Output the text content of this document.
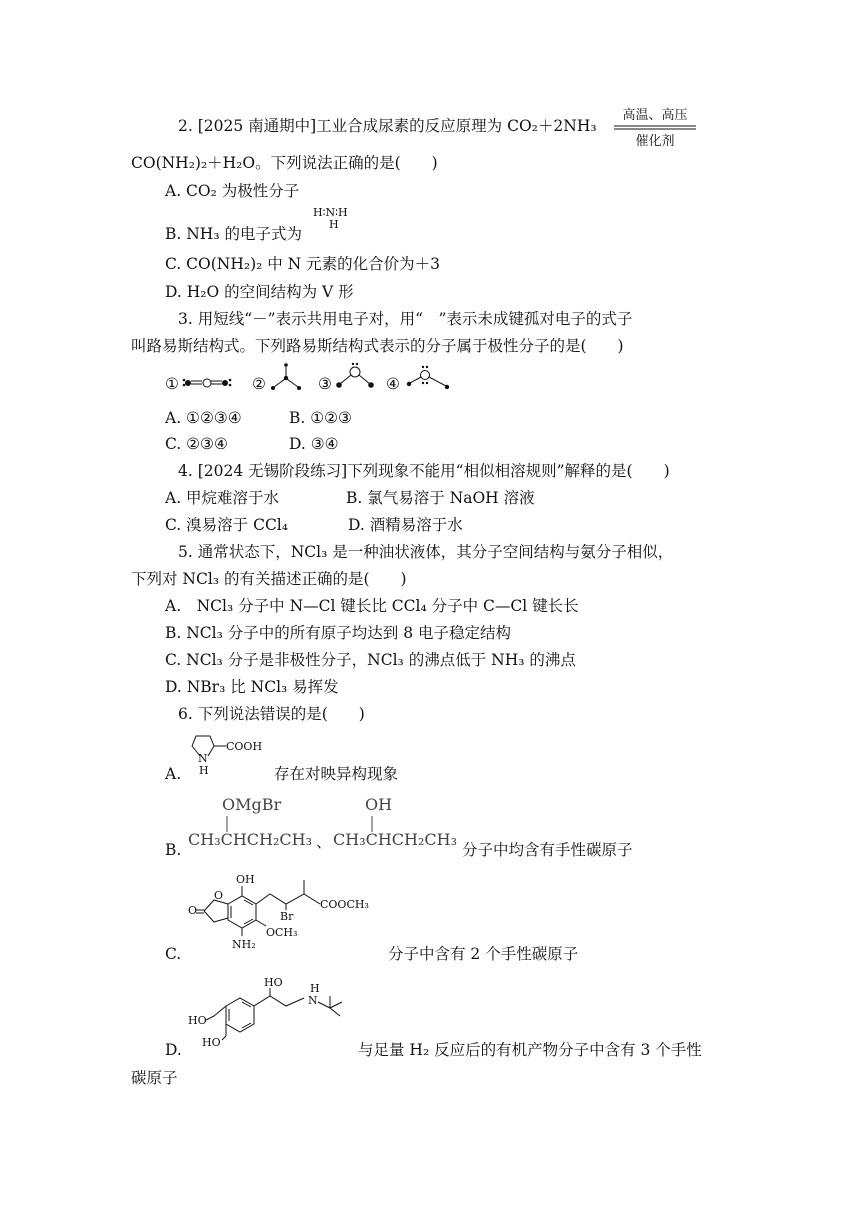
2. [2025 南通期中]工业合成尿素的反应原理为 CO₂＋2NH₃
高温、高压
催化剂
CO(NH₂)₂＋H₂O。下列说法正确的是(　　)
A. CO₂ 为极性分子
B. NH₃ 的电子式为
H∶N∶H
H
C. CO(NH₂)₂ 中 N 元素的化合价为＋3
D. H₂O 的空间结构为 V 形
3. 用短线“－”表示共用电子对，用“　”表示未成键孤对电子的式子
叫路易斯结构式。下列路易斯结构式表示的分子属于极性分子的是(　　)
①	②	③	④
A. ①②③④	B. ①②③
C. ②③④	D. ③④
4. [2024 无锡阶段练习]下列现象不能用“相似相溶规则”解释的是(　　)
A. 甲烷难溶于水	B. 氯气易溶于 NaOH 溶液
C. 溴易溶于 CCl₄	D. 酒精易溶于水
5. 通常状态下，NCl₃ 是一种油状液体，其分子空间结构与氨分子相似，
下列对 NCl₃ 的有关描述正确的是(　　)
A.　NCl₃ 分子中 N—Cl 键长比 CCl₄ 分子中 C—Cl 键长长
B. NCl₃ 分子中的所有原子均达到 8 电子稳定结构
C. NCl₃ 分子是非极性分子，NCl₃ 的沸点低于 NH₃ 的沸点
D. NBr₃ 比 NCl₃ 易挥发
6. 下列说法错误的是(　　)
A.
N
H
COOH
存在对映异构现象
B.
OMgBr
CH₃CHCH₂CH₃ 、
OH
CH₃CHCH₂CH₃
分子中均含有手性碳原子
C.
O
O
OH
NH₂
OCH₃
Br
COOCH₃
分子中含有 2 个手性碳原子
D.
HO
HO
HO H
N
与足量 H₂ 反应后的有机产物分子中含有 3 个手性
碳原子
